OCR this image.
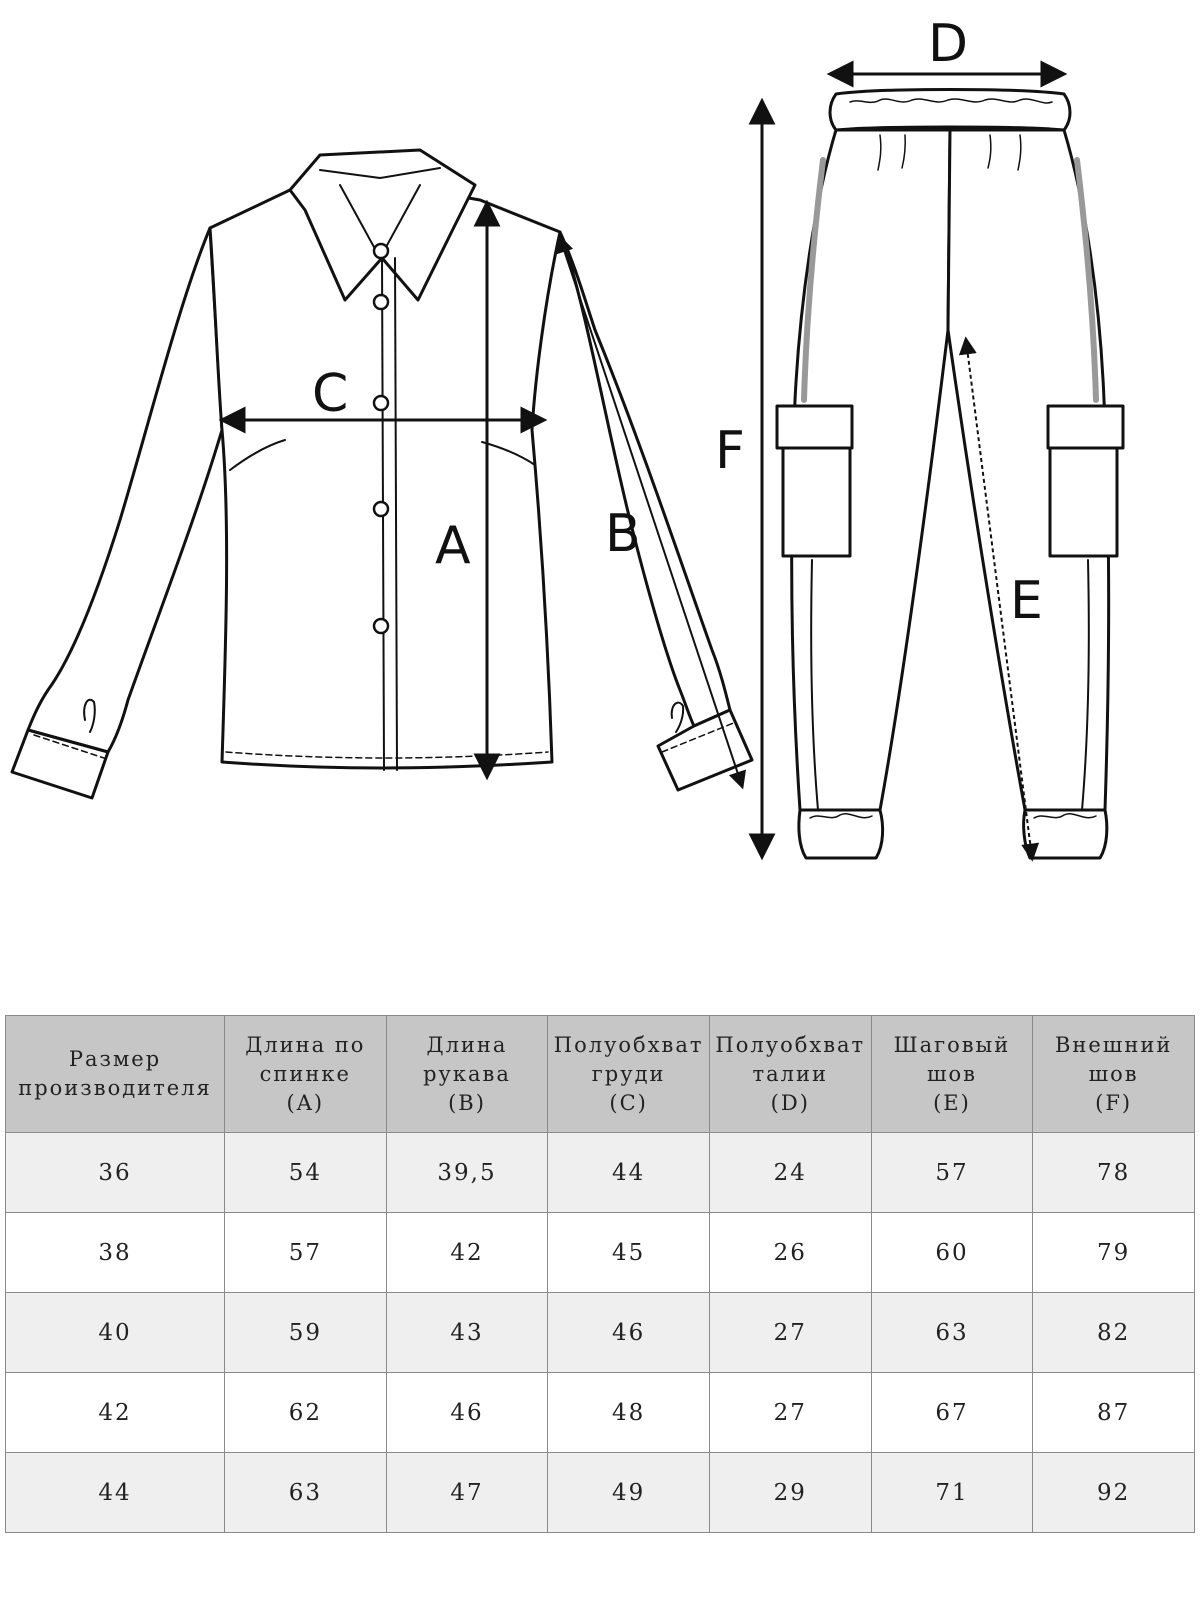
A	B
C
D
E
F
Размер
производителя	Длина по
спинке
(A)	Длина
рукава
(B)	Полуобхват
груди
(C)	Полуобхват
талии
(D)	Шаговый
шов
(E)	Внешний
шов
(F)

36	54	39,5	44	24	57	78
38	57	42	45	26	60	79
40	59	43	46	27	63	82
42	62	46	48	27	67	87
44	63	47	49	29	71	92
